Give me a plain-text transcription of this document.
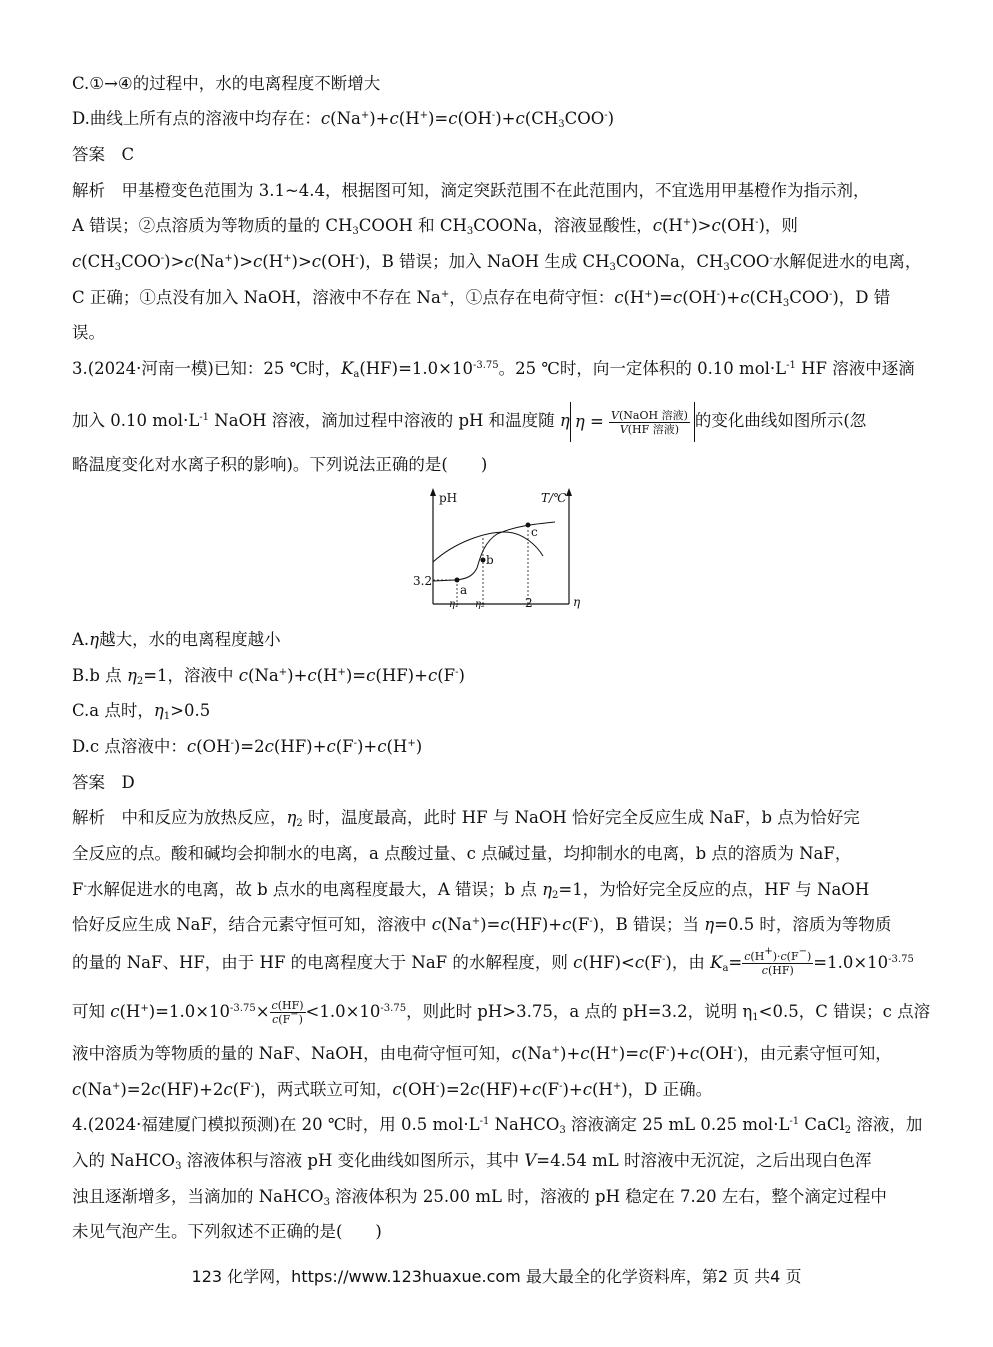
C.①→④的过程中，水的电离程度不断增大
D.曲线上所有点的溶液中均存在：$c(Na^+)+c(H^+)=c(OH^-)+c(CH_3COO^-)$
答案　C
解析　甲基橙变色范围为 3.1~4.4，根据图可知，滴定突跃范围不在此范围内，不宜选用甲基橙作为指示剂，
A 错误；②点溶质为等物质的量的 $CH_3COOH$ 和 $CH_3COONa$，溶液显酸性，c(H+)>c(OH-)，则
$c(CH_3COO^-)>c(Na^+)>c(H^+)>c(OH^-)$，B 错误；加入 NaOH 生成 $CH_3COONa$，$CH_3COO^-$水解促进水的电离，
C 正确；①点没有加入 NaOH，溶液中不存在 Na+，①点存在电荷守恒：$c(H^+)=c(OH^-)+c(CH_3COO^-)$，D 错
误。
3.(2024·河南一模)已知：25 ℃时，$K_a(HF)=1.0\times 10^{-3.75}$。25 ℃时，向一定体积的 0.10 $mol\cdot L^{-1}$ HF 溶液中逐滴
加入 0.10 $mol\cdot L^{-1}$ NaOH 溶液，滴加过程中溶液的 pH 和温度随 η $\eta = \frac{\text{V(NaOH 溶液)}}{\text{V(HF 溶液)}}$ 的变化曲线如图所示(忽
略温度变化对水离子积的影响)。下列说法正确的是(　　)
pH	T/℃
η
3.2
η₁ η₂	2
a
b
c
A.η越大，水的电离程度越小
B.b 点 $\eta_2=1$，溶液中 c(Na+)+c(H+)=c(HF)+c(F-)
C.a 点时，$\eta_1>0.5$
D.c 点溶液中：c(OH-)=2c(HF)+c(F-)+c(H+)
答案　D
解析　中和反应为放热反应，$\eta_2$ 时，温度最高，此时 HF 与 NaOH 恰好完全反应生成 NaF，b 点为恰好完
全反应的点。酸和碱均会抑制水的电离，a 点酸过量、c 点碱过量，均抑制水的电离，b 点的溶质为 NaF，
F-水解促进水的电离，故 b 点水的电离程度最大，A 错误；b 点 $\eta_2=1$，为恰好完全反应的点，HF 与 NaOH
恰好反应生成 NaF，结合元素守恒可知，溶液中 c(Na+)=c(HF)+c(F-)，B 错误；当 η=0.5 时，溶质为等物质
的量的 NaF、HF，由于 HF 的电离程度大于 NaF 的水解程度，则 c(HF)<c(F-)，由 $K_a= \frac{c(H^+)\cdot c(F^-)}{c(HF)} =1.0\times 10^{-3.75}$
可知 $c(H^+)=1.0\times 10^{-3.75}\times \frac{c(HF)}{c(F^-)} <1.0\times 10^{-3.75}$，则此时 pH>3.75，a 点的 pH=3.2，说明 $\eta_1<0.5$，C 错误；c 点溶
液中溶质为等物质的量的 NaF、NaOH，由电荷守恒可知，c(Na+)+c(H+)=c(F-)+c(OH-)，由元素守恒可知，
c(Na+)=2c(HF)+2c(F-)，两式联立可知，c(OH-)=2c(HF)+c(F-)+c(H+)，D 正确。
4.(2024·福建厦门模拟预测)在 20 ℃时，用 0.5 $mol\cdot L^{-1}$ NaHCO$_3$ 溶液滴定 25 mL 0.25 $mol\cdot L^{-1}$ CaCl$_2$ 溶液，加
入的 NaHCO$_3$ 溶液体积与溶液 pH 变化曲线如图所示，其中 V=4.54 mL 时溶液中无沉淀，之后出现白色浑
浊且逐渐增多，当滴加的 NaHCO$_3$ 溶液体积为 25.00 mL 时，溶液的 pH 稳定在 7.20 左右，整个滴定过程中
未见气泡产生。下列叙述不正确的是(　　)
123 化学网，https://www.123huaxue.com 最大最全的化学资料库，第2 页 共4 页
